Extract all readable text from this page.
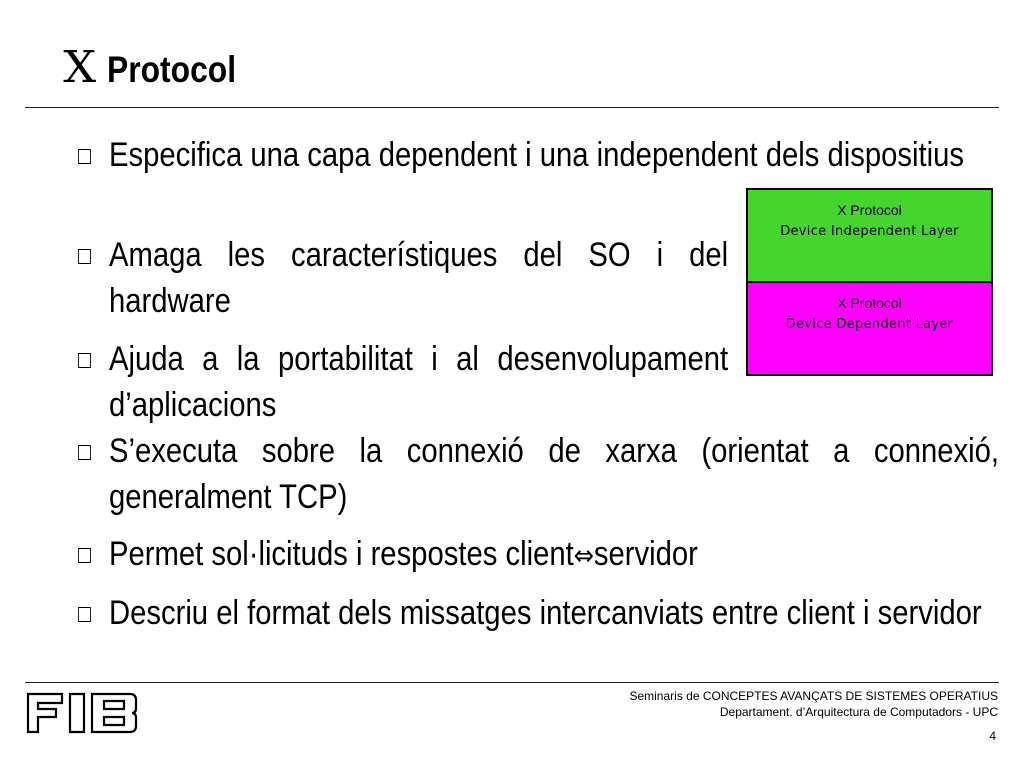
X Protocol
Especifica una capa dependent i una independent dels dispositius
Amaga les característiques del SO i del hardware
Ajuda a la portabilitat i al desenvolupament d’aplicacions
S’executa sobre la connexió de xarxa (orientat a connexió, generalment TCP)
Permet sol·licituds i respostes client⇔servidor
Descriu el format dels missatges intercanviats entre client i servidor
X Protocol
Device Independent Layer
X Protocol
Device Dependent Layer
Seminaris de CONCEPTES AVANÇATS DE SISTEMES OPERATIUS
Departament. d’Arquitectura de Computadors - UPC
4
